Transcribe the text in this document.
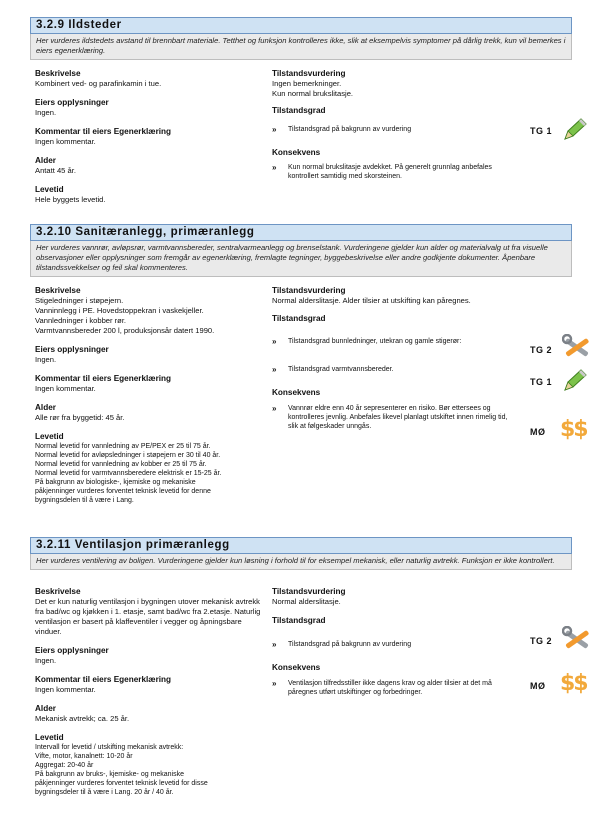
3.2.9 Ildsteder
Her vurderes ildstedets avstand til brennbart materiale. Tetthet og funksjon kontrolleres ikke, slik at eksempelvis symptomer på dårlig trekk, kun vil bemerkes i eiers egenerklæring.
Beskrivelse
Kombinert ved- og parafinkamin i tue.
Eiers opplysninger
Ingen.
Kommentar til eiers Egenerklæring
Ingen kommentar.
Alder
Antatt 45 år.
Levetid
Hele byggets levetid.
Tilstandsvurdering
Ingen bemerkninger.
Kun normal brukslitasje.
Tilstandsgrad
» Tilstandsgrad på bakgrunn av vurdering
Konsekvens
» Kun normal brukslitasje avdekket. På generelt grunnlag anbefales kontrollert samtidig med skorsteinen.
TG 1
3.2.10 Sanitæranlegg, primæranlegg
Her vurderes vannrør, avløpsrør, varmtvannsbereder, sentralvarmeanlegg og brenselstank. Vurderingene gjelder kun alder og materialvalg ut fra visuelle observasjoner eller opplysninger som fremgår av egenerklæring, fremlagte tegninger, byggebeskrivelse eller andre godkjente dokumenter. Åpenbare tilstandssvekkelser og feil skal kommenteres.
Beskrivelse
Stigeledninger i støpejern.
Vanninnlegg i PE. Hovedstoppekran i vaskekjeller.
Vannledninger i kobber rør.
Varmtvannsbereder 200 l, produksjonsår datert 1990.
Eiers opplysninger
Ingen.
Kommentar til eiers Egenerklæring
Ingen kommentar.
Alder
Alle rør fra byggetid: 45 år.
Levetid
Normal levetid for vannledning av PE/PEX er 25 til 75 år.
Normal levetid for avløpsledninger i støpejern er 30 til 40 år.
Normal levetid for vannledning av kobber er 25 til 75 år.
Normal levetid for varmtvannsberedere elektrisk er 15-25 år.
På bakgrunn av biologiske-, kjemiske og mekaniske
påkjenninger vurderes forventet teknisk levetid for denne
bygningsdelen til å være i Lang.
Tilstandsvurdering
Normal alderslitasje. Alder tilsier at utskifting kan påregnes.
Tilstandsgrad
» Tilstandsgrad bunnledninger, utekran og gamle stigerør:
» Tilstandsgrad varmtvannsbereder.
Konsekvens
» Vannrør eldre enn 40 år sepresenterer en risiko. Bør ettersees og kontrolleres jevnlig. Anbefales likevel planlagt utskiftet innen rimelig tid, slik at følgeskader unngås.
TG 2
TG 1
MØ $$
3.2.11 Ventilasjon primæranlegg
Her vurderes ventilering av boligen. Vurderingene gjelder kun løsning i forhold til for eksempel mekanisk, eller naturlig avtrekk. Funksjon er ikke kontrollert.
Beskrivelse
Det er kun naturlig ventilasjon i bygningen utover mekanisk avtrekk fra bad/wc og kjøkken i 1. etasje, samt bad/wc fra 2.etasje. Naturlig ventilasjon er basert på klaffeventiler i vegger og åpningsbare vinduer.
Eiers opplysninger
Ingen.
Kommentar til eiers Egenerklæring
Ingen kommentar.
Alder
Mekanisk avtrekk; ca. 25 år.
Levetid
Intervall for levetid / utskifting mekanisk avtrekk:
Vifte, motor, kanalnett: 10-20 år
Aggregat: 20-40 år
På bakgrunn av bruks-, kjemiske- og mekaniske
påkjenninger vurderes forventet teknisk levetid for disse
bygningsdeler til å være i Lang. 20 år / 40 år.
Tilstandsvurdering
Normal alderslitasje.
Tilstandsgrad
» Tilstandsgrad på bakgrunn av vurdering
Konsekvens
» Ventilasjon tilfredsstiller ikke dagens krav og alder tilsier at det må påregnes utført utskiftinger og forbedringer.
TG 2
MØ $$
